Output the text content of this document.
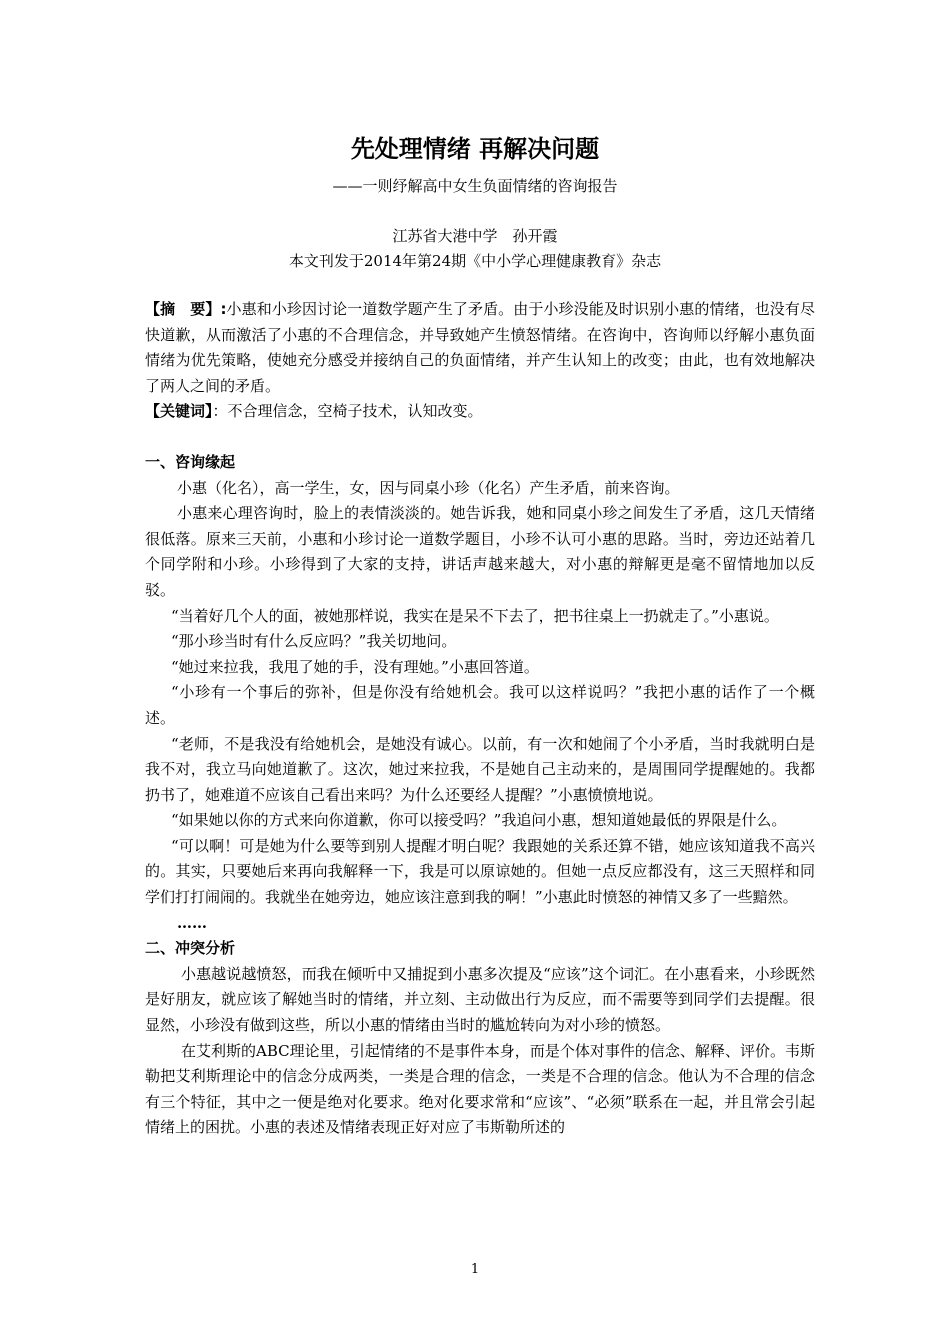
先处理情绪 再解决问题
——一则纾解高中女生负面情绪的咨询报告
江苏省大港中学　孙开霞
本文刊发于2014年第24期《中小学心理健康教育》杂志

【摘　要】:小惠和小珍因讨论一道数学题产生了矛盾。由于小珍没能及时识别小惠的情绪，也没有尽快道歉，从而激活了小惠的不合理信念，并导致她产生愤怒情绪。在咨询中，咨询师以纾解小惠负面情绪为优先策略，使她充分感受并接纳自己的负面情绪，并产生认知上的改变；由此，也有效地解决了两人之间的矛盾。

【关键词】：不合理信念，空椅子技术，认知改变。

一、咨询缘起

小惠（化名），高一学生，女，因与同桌小珍（化名）产生矛盾，前来咨询。

小惠来心理咨询时，脸上的表情淡淡的。她告诉我，她和同桌小珍之间发生了矛盾，这几天情绪很低落。原来三天前，小惠和小珍讨论一道数学题目，小珍不认可小惠的思路。当时，旁边还站着几个同学附和小珍。小珍得到了大家的支持，讲话声越来越大，对小惠的辩解更是毫不留情地加以反驳。

“当着好几个人的面，被她那样说，我实在是呆不下去了，把书往桌上一扔就走了。”小惠说。

“那小珍当时有什么反应吗？”我关切地问。

“她过来拉我，我甩了她的手，没有理她。”小惠回答道。

“小珍有一个事后的弥补，但是你没有给她机会。我可以这样说吗？”我把小惠的话作了一个概述。

“老师，不是我没有给她机会，是她没有诚心。以前，有一次和她闹了个小矛盾，当时我就明白是我不对，我立马向她道歉了。这次，她过来拉我，不是她自己主动来的，是周围同学提醒她的。我都扔书了，她难道不应该自己看出来吗？为什么还要经人提醒？”小惠愤愤地说。

“如果她以你的方式来向你道歉，你可以接受吗？”我追问小惠，想知道她最低的界限是什么。

“可以啊！可是她为什么要等到别人提醒才明白呢？我跟她的关系还算不错，她应该知道我不高兴的。其实，只要她后来再向我解释一下，我是可以原谅她的。但她一点反应都没有，这三天照样和同学们打打闹闹的。我就坐在她旁边，她应该注意到我的啊！”小惠此时愤怒的神情又多了一些黯然。

……

二、冲突分析

小惠越说越愤怒，而我在倾听中又捕捉到小惠多次提及“应该”这个词汇。在小惠看来，小珍既然是好朋友，就应该了解她当时的情绪，并立刻、主动做出行为反应，而不需要等到同学们去提醒。很显然，小珍没有做到这些，所以小惠的情绪由当时的尴尬转向为对小珍的愤怒。

在艾利斯的ABC理论里，引起情绪的不是事件本身，而是个体对事件的信念、解释、评价。韦斯勒把艾利斯理论中的信念分成两类，一类是合理的信念，一类是不合理的信念。他认为不合理的信念有三个特征，其中之一便是绝对化要求。绝对化要求常和“应该”、“必须”联系在一起，并且常会引起情绪上的困扰。小惠的表述及情绪表现正好对应了韦斯勒所述的

1
